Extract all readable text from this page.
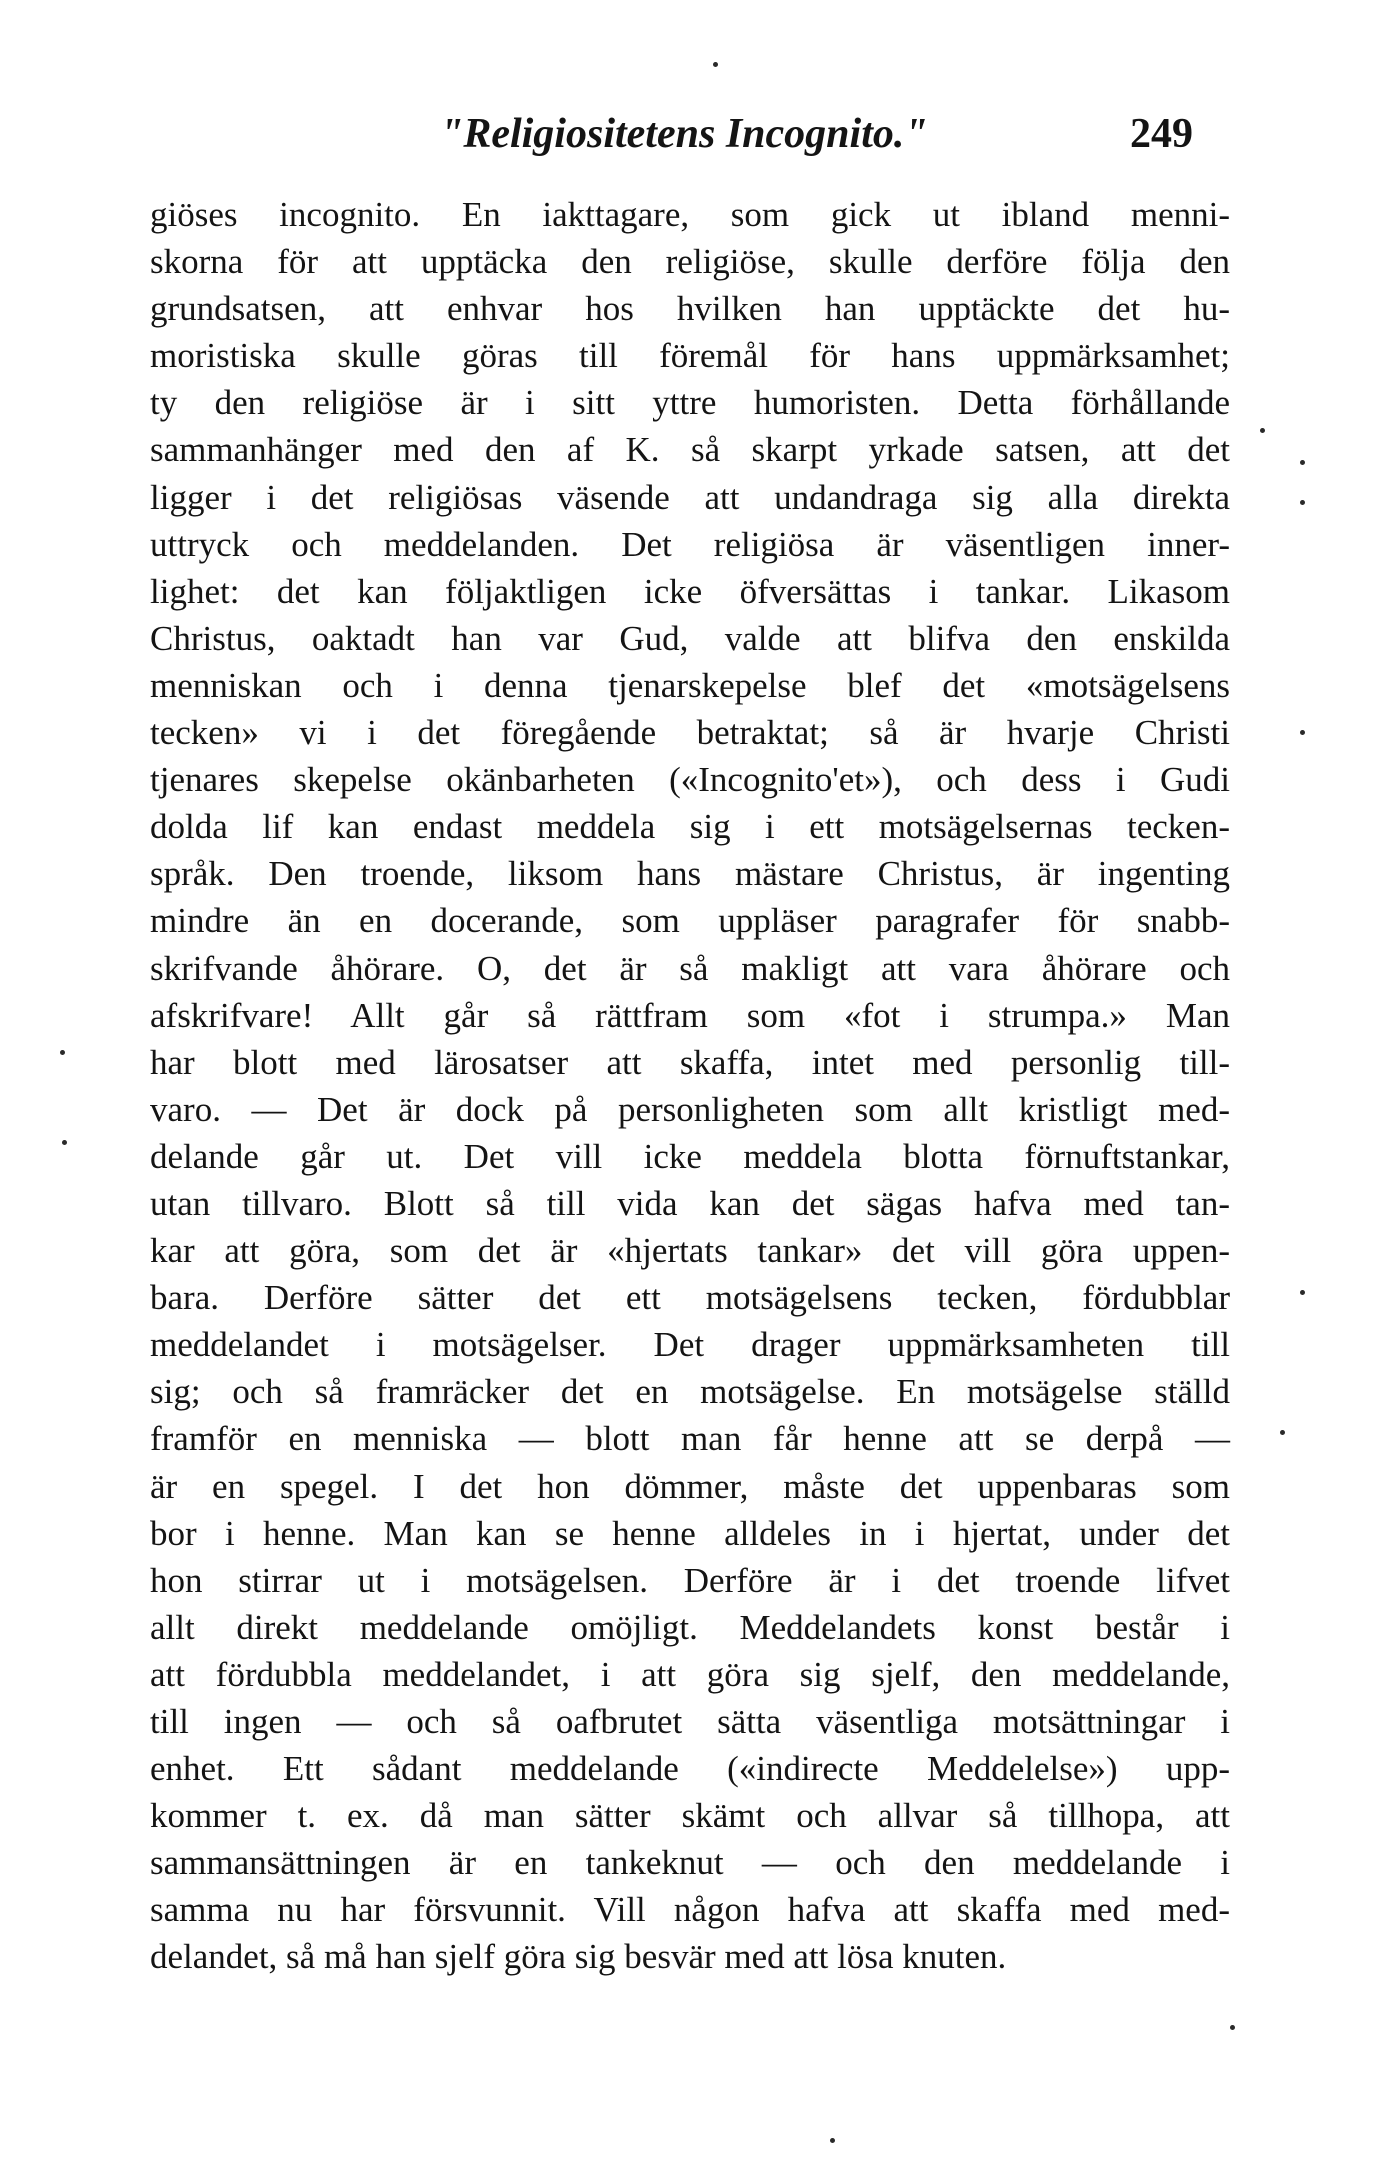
"Religiositetens Incognito."	249
giöses incognito. En iakttagare, som gick ut ibland menni-
skorna för att upptäcka den religiöse, skulle derföre följa den
grundsatsen, att enhvar hos hvilken han upptäckte det hu-
moristiska skulle göras till föremål för hans uppmärksamhet;
ty den religiöse är i sitt yttre humoristen. Detta förhållande
sammanhänger med den af K. så skarpt yrkade satsen, att det
ligger i det religiösas väsende att undandraga sig alla direkta
uttryck och meddelanden. Det religiösa är väsentligen inner-
lighet: det kan följaktligen icke öfversättas i tankar. Likasom
Christus, oaktadt han var Gud, valde att blifva den enskilda
menniskan och i denna tjenarskepelse blef det «motsägelsens
tecken» vi i det föregående betraktat; så är hvarje Christi
tjenares skepelse okänbarheten («Incognito'et»), och dess i Gudi
dolda lif kan endast meddela sig i ett motsägelsernas tecken-
språk. Den troende, liksom hans mästare Christus, är ingenting
mindre än en docerande, som uppläser paragrafer för snabb-
skrifvande åhörare. O, det är så makligt att vara åhörare och
afskrifvare! Allt går så rättfram som «fot i strumpa.» Man
har blott med lärosatser att skaffa, intet med personlig till-
varo. — Det är dock på personligheten som allt kristligt med-
delande går ut. Det vill icke meddela blotta förnuftstankar,
utan tillvaro. Blott så till vida kan det sägas hafva med tan-
kar att göra, som det är «hjertats tankar» det vill göra uppen-
bara. Derföre sätter det ett motsägelsens tecken, fördubblar
meddelandet i motsägelser. Det drager uppmärksamheten till
sig; och så framräcker det en motsägelse. En motsägelse ställd
framför en menniska — blott man får henne att se derpå —
är en spegel. I det hon dömmer, måste det uppenbaras som
bor i henne. Man kan se henne alldeles in i hjertat, under det
hon stirrar ut i motsägelsen. Derföre är i det troende lifvet
allt direkt meddelande omöjligt. Meddelandets konst består i
att fördubbla meddelandet, i att göra sig sjelf, den meddelande,
till ingen — och så oafbrutet sätta väsentliga motsättningar i
enhet. Ett sådant meddelande («indirecte Meddelelse») upp-
kommer t. ex. då man sätter skämt och allvar så tillhopa, att
sammansättningen är en tankeknut — och den meddelande i
samma nu har försvunnit. Vill någon hafva att skaffa med med-
delandet, så må han sjelf göra sig besvär med att lösa knuten.
